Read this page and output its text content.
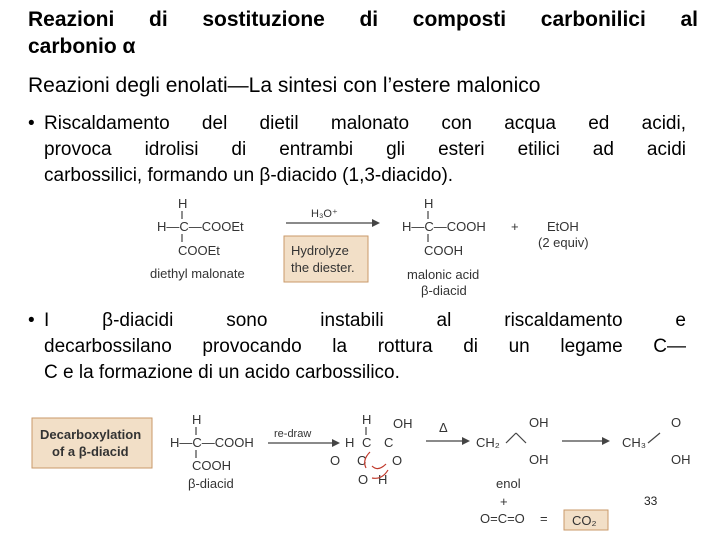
Reazioni di sostituzione di composti carbonilici al
carbonio α
Reazioni degli enolati—La sintesi con l’estere malonico
• Riscaldamento del dietil malonato con acqua ed acidi,
provoca idrolisi di entrambi gli esteri etilici ad acidi
carbossilici, formando un β-diacido (1,3-diacido).
• I β-diacidi sono instabili al riscaldamento e
decarbossilano provocando la rottura di un legame C—
C e la formazione di un acido carbossilico.
H
H—C—COOEt
COOEt
diethyl malonate
H₃O⁺
Hydrolyze
the diester.
H
H—C—COOH
COOH
+ EtOH
(2 equiv)
malonic acid
β-diacid
Decarboxylation
of a β-diacid
H
H—C—COOH
COOH
β-diacid
re-draw
H
H C C
OH
O
O C
O H
Δ
CH₂
OH
OH
enol
CH₃
O
OH
+
O=C=O = CO₂
33
